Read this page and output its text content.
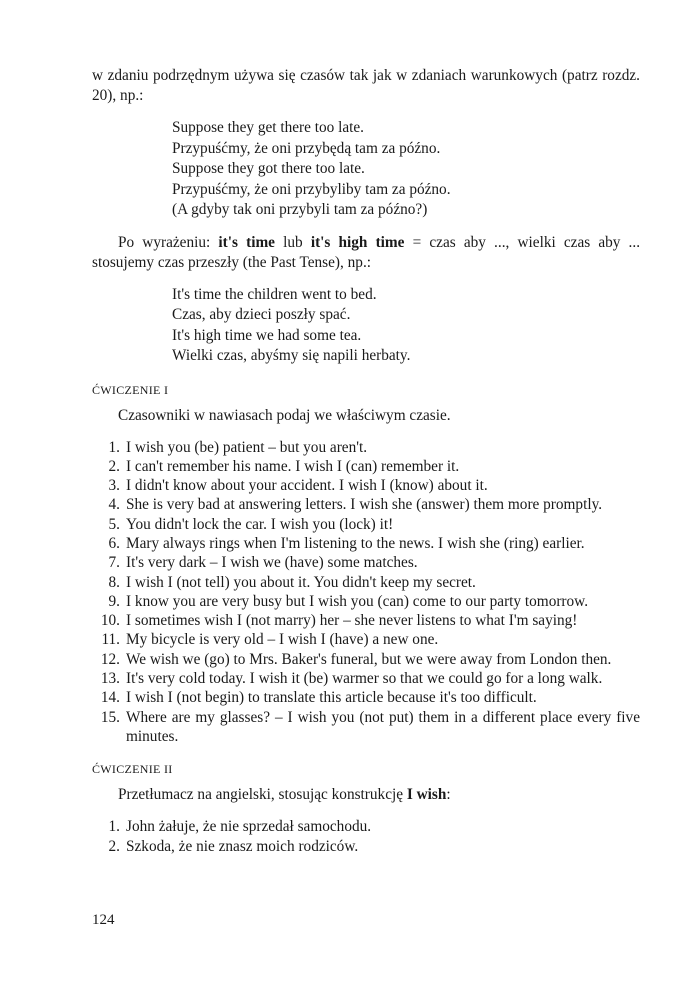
w zdaniu podrzędnym używa się czasów tak jak w zdaniach warunkowych (patrz rozdz. 20), np.:

Suppose they get there too late.
Przypuśćmy, że oni przybędą tam za późno.
Suppose they got there too late.
Przypuśćmy, że oni przybyliby tam za późno.
(A gdyby tak oni przybyli tam za późno?)

Po wyrażeniu: it's time lub it's high time = czas aby ..., wielki czas aby ... stosujemy czas przeszły (the Past Tense), np.:

It's time the children went to bed.
Czas, aby dzieci poszły spać.
It's high time we had some tea.
Wielki czas, abyśmy się napili herbaty.
ĆWICZENIE I
Czasowniki w nawiasach podaj we właściwym czasie.
1. I wish you (be) patient – but you aren't.
2. I can't remember his name. I wish I (can) remember it.
3. I didn't know about your accident. I wish I (know) about it.
4. She is very bad at answering letters. I wish she (answer) them more promptly.
5. You didn't lock the car. I wish you (lock) it!
6. Mary always rings when I'm listening to the news. I wish she (ring) earlier.
7. It's very dark – I wish we (have) some matches.
8. I wish I (not tell) you about it. You didn't keep my secret.
9. I know you are very busy but I wish you (can) come to our party tomorrow.
10. I sometimes wish I (not marry) her – she never listens to what I'm saying!
11. My bicycle is very old – I wish I (have) a new one.
12. We wish we (go) to Mrs. Baker's funeral, but we were away from London then.
13. It's very cold today. I wish it (be) warmer so that we could go for a long walk.
14. I wish I (not begin) to translate this article because it's too difficult.
15. Where are my glasses? – I wish you (not put) them in a different place every five minutes.
ĆWICZENIE II
Przetłumacz na angielski, stosując konstrukcję I wish:
1. John żałuje, że nie sprzedał samochodu.
2. Szkoda, że nie znasz moich rodziców.
124
